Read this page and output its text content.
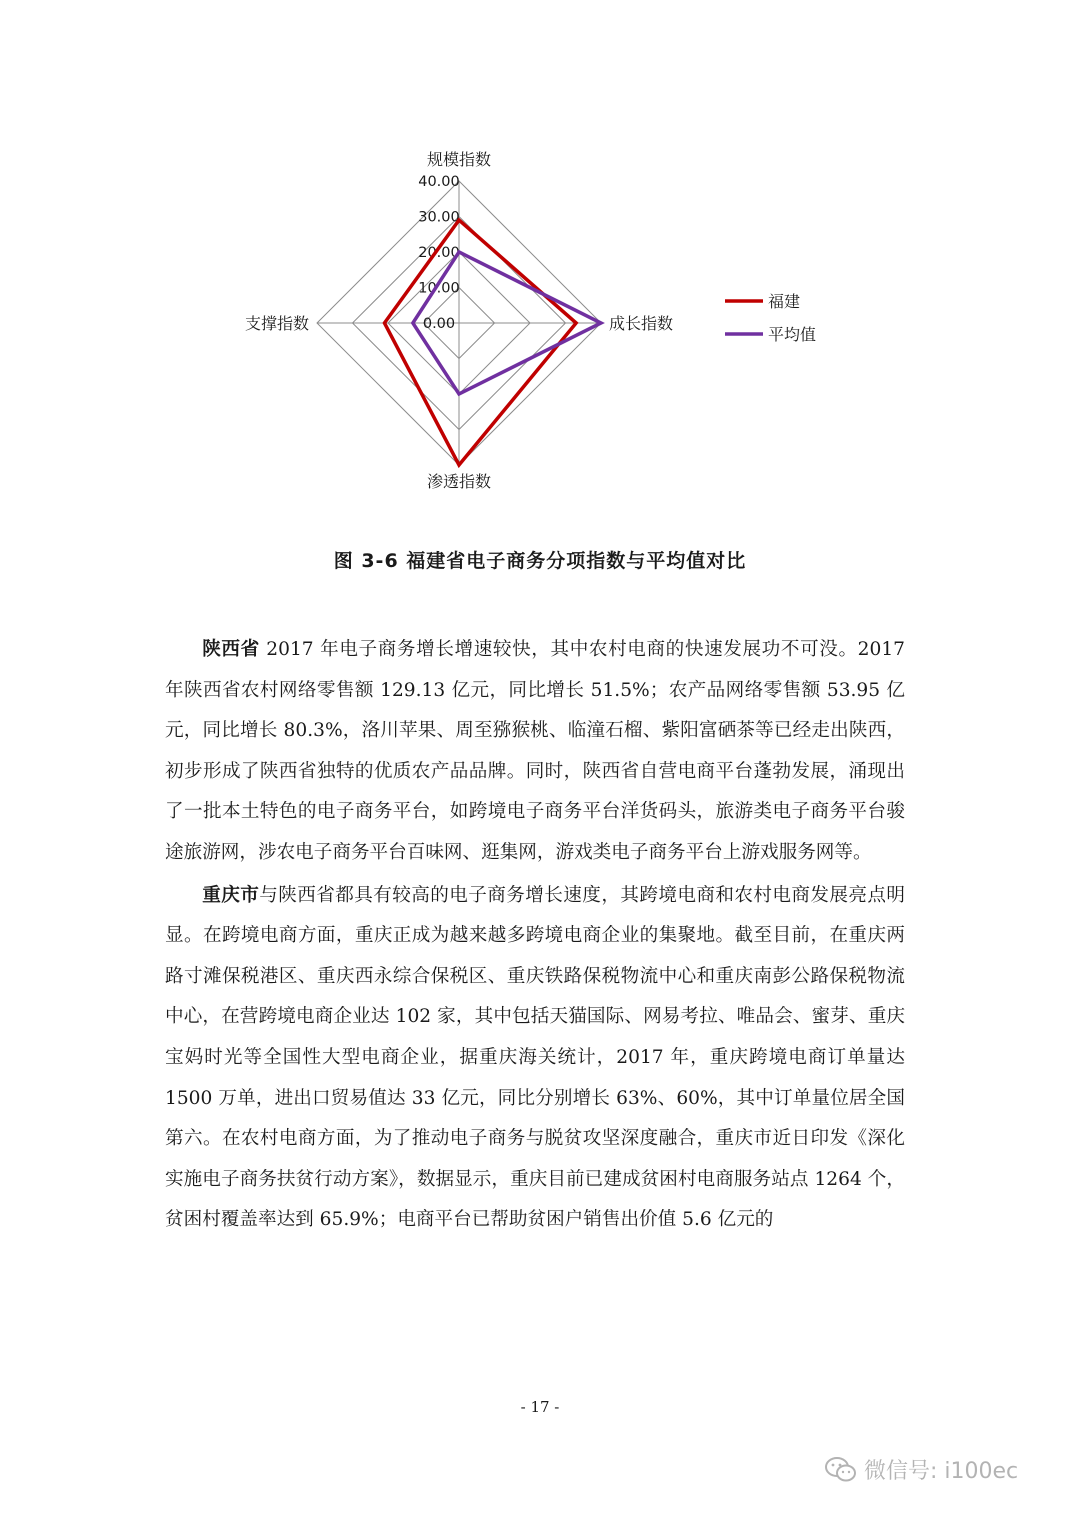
0.00
10.00
20.00
30.00
40.00
规模指数
成长指数
渗透指数
支撑指数
福建
平均值
图 3-6 福建省电子商务分项指数与平均值对比

陕西省 2017 年电子商务增长增速较快，其中农村电商的快速发展功不可没。2017 年陕西省农村网络零售额 129.13 亿元，同比增长 51.5%；农产品网络零售额 53.95 亿元，同比增长 80.3%，洛川苹果、周至猕猴桃、临潼石榴、紫阳富硒茶等已经走出陕西，初步形成了陕西省独特的优质农产品品牌。同时，陕西省自营电商平台蓬勃发展，涌现出了一批本土特色的电子商务平台，如跨境电子商务平台洋货码头，旅游类电子商务平台骏途旅游网，涉农电子商务平台百味网、逛集网，游戏类电子商务平台上游戏服务网等。

重庆市与陕西省都具有较高的电子商务增长速度，其跨境电商和农村电商发展亮点明显。在跨境电商方面，重庆正成为越来越多跨境电商企业的集聚地。截至目前，在重庆两路寸滩保税港区、重庆西永综合保税区、重庆铁路保税物流中心和重庆南彭公路保税物流中心，在营跨境电商企业达 102 家，其中包括天猫国际、网易考拉、唯品会、蜜芽、重庆宝妈时光等全国性大型电商企业，据重庆海关统计，2017 年，重庆跨境电商订单量达 1500 万单，进出口贸易值达 33 亿元，同比分别增长 63%、60%，其中订单量位居全国第六。在农村电商方面，为了推动电子商务与脱贫攻坚深度融合，重庆市近日印发《深化实施电子商务扶贫行动方案》，数据显示，重庆目前已建成贫困村电商服务站点 1264 个，贫困村覆盖率达到 65.9%；电商平台已帮助贫困户销售出价值 5.6 亿元的

- 17 -
微信号: i100ec
